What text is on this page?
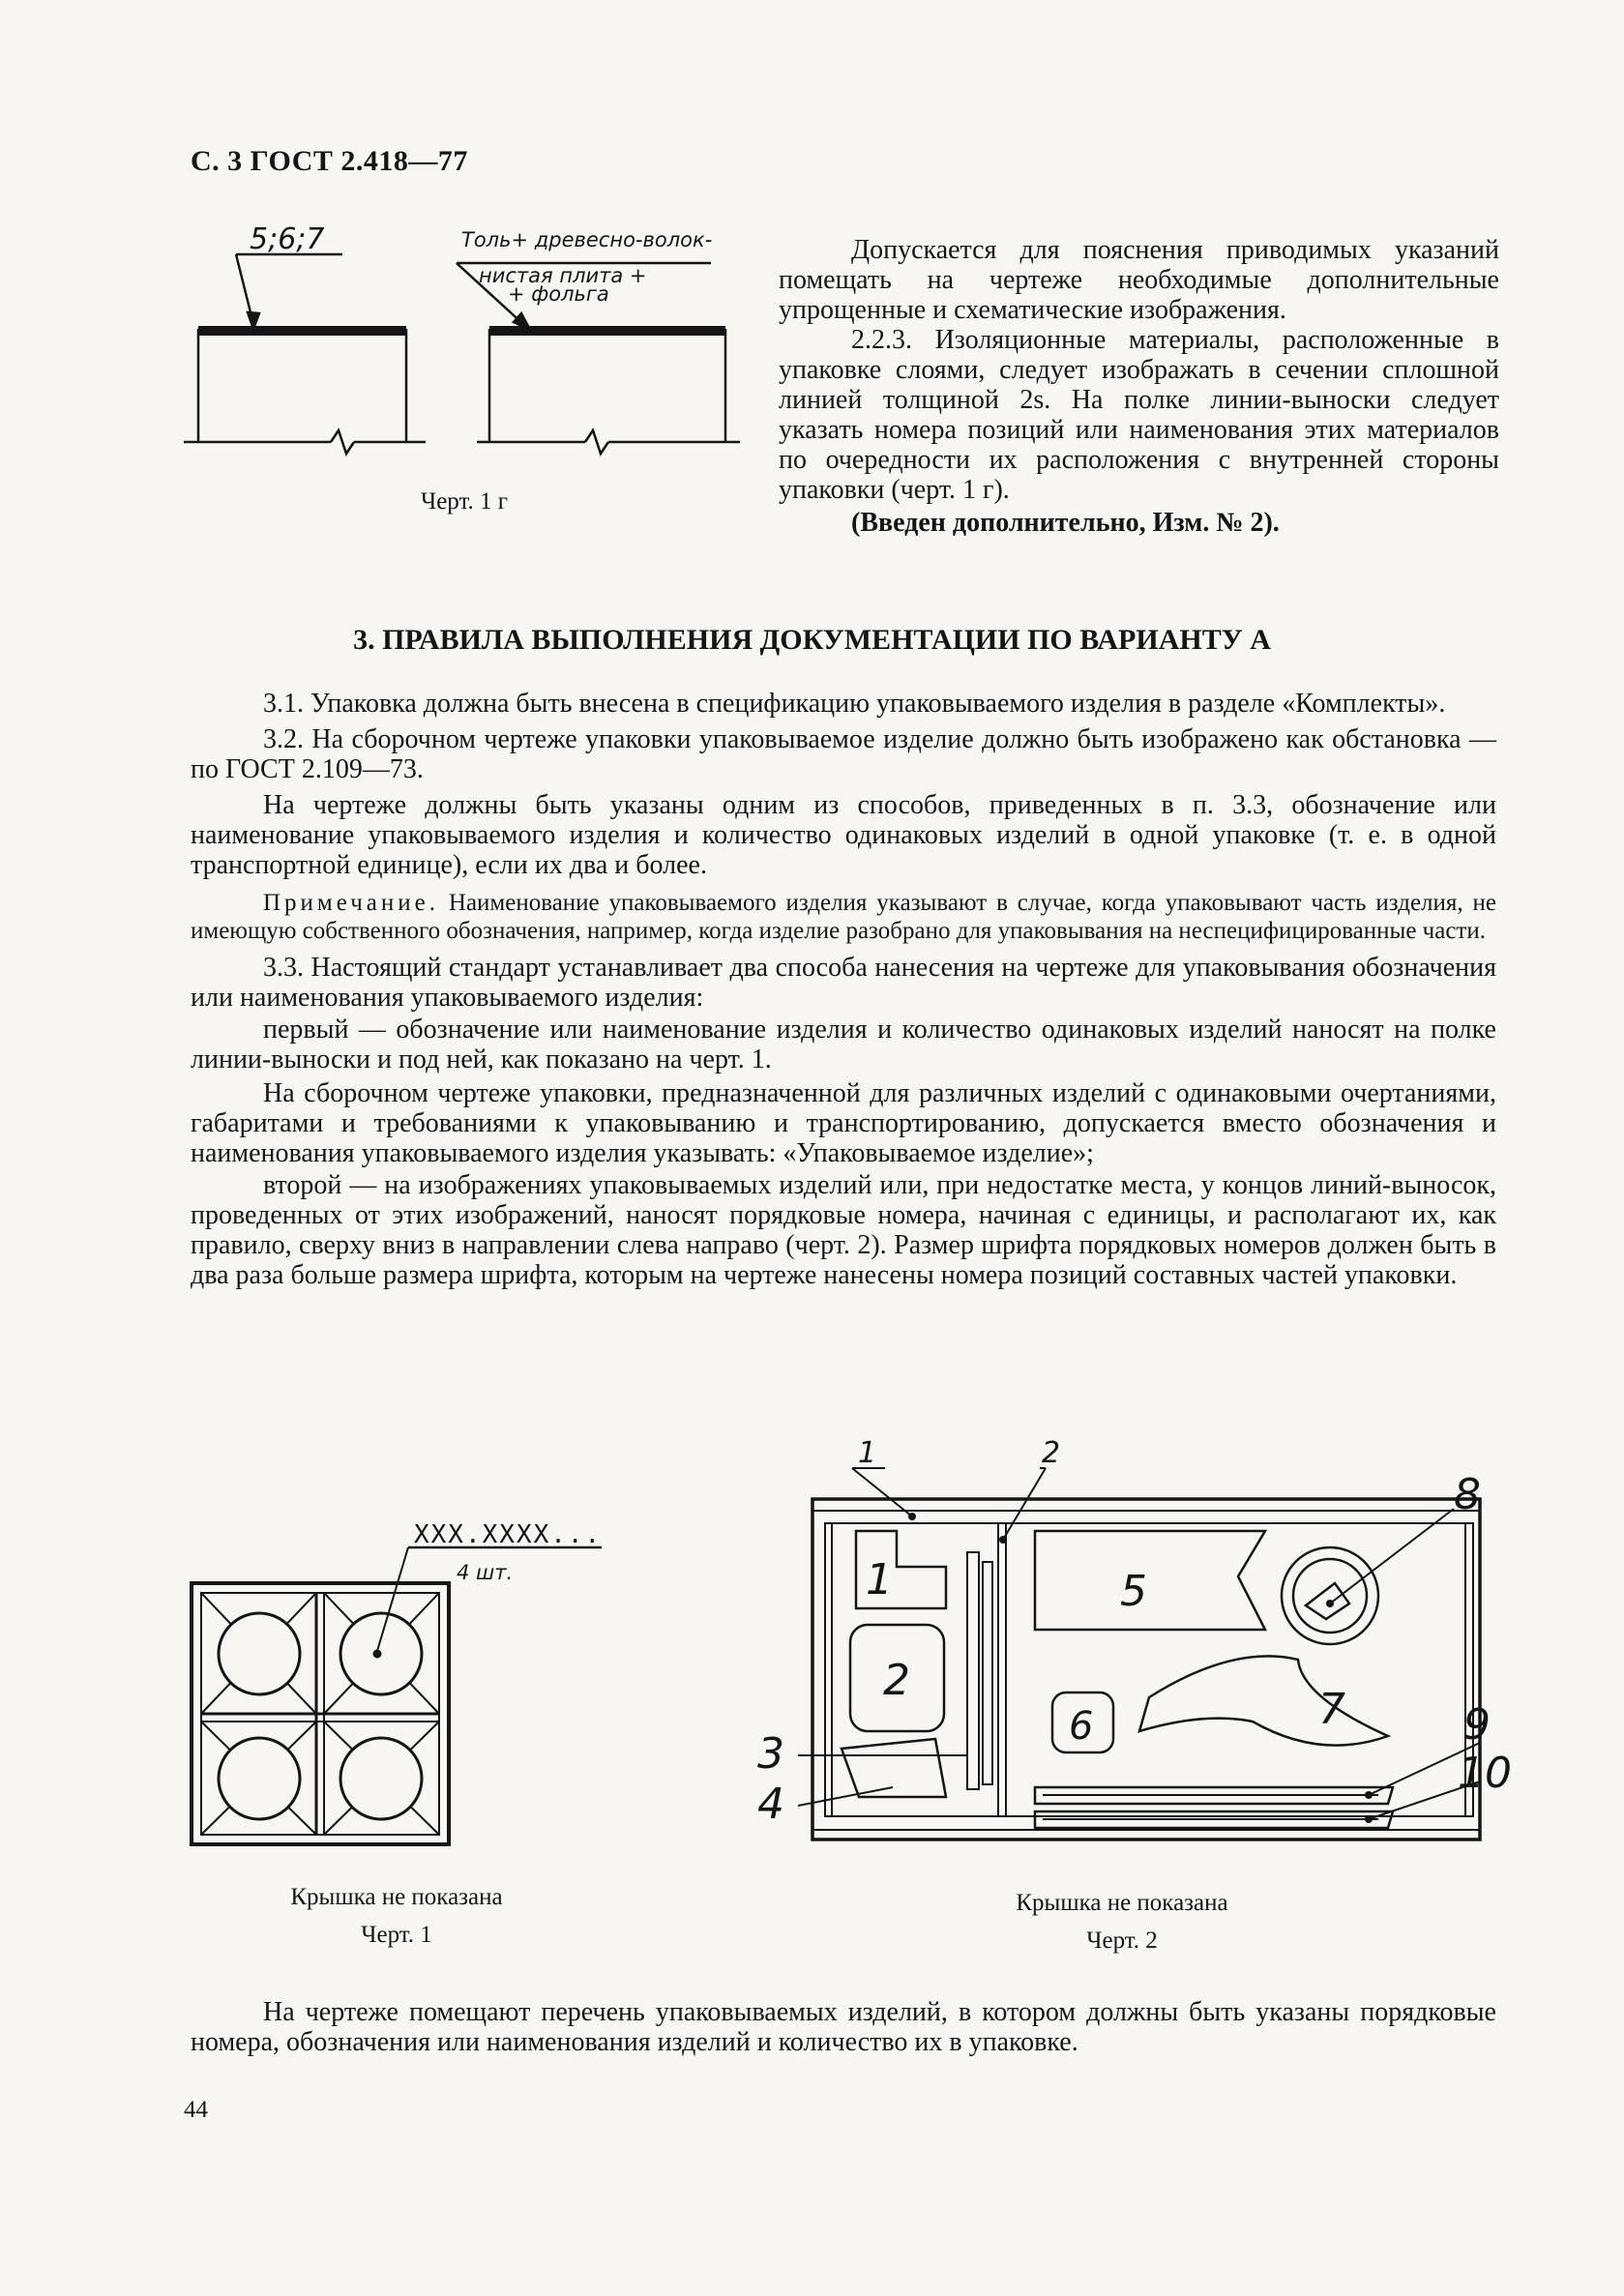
С. 3 ГОСТ 2.418—77
5;6;7	Толь+ древесно-волок-
нистая плита +
+ фольга
Черт. 1 г

Допускается для пояснения приводимых указаний помещать на чертеже необходимые дополнительные упрощенные и схематические изображения.

2.2.3. Изоляционные материалы, расположенные в упаковке слоями, следует изображать в сечении сплошной линией толщиной 2s. На полке линии-выноски следует указать номера позиций или наименования этих материалов по очередности их расположения с внутренней стороны упаковки (черт. 1 г).

(Введен дополнительно, Изм. № 2).

3. ПРАВИЛА ВЫПОЛНЕНИЯ ДОКУМЕНТАЦИИ ПО ВАРИАНТУ А

3.1. Упаковка должна быть внесена в спецификацию упаковываемого изделия в разделе «Комплекты».

3.2. На сборочном чертеже упаковки упаковываемое изделие должно быть изображено как обстановка — по ГОСТ 2.109—73.

На чертеже должны быть указаны одним из способов, приведенных в п. 3.3, обозначение или наименование упаковываемого изделия и количество одинаковых изделий в одной упаковке (т. е. в одной транспортной единице), если их два и более.

Примечание. Наименование упаковываемого изделия указывают в случае, когда упаковывают часть изделия, не имеющую собственного обозначения, например, когда изделие разобрано для упаковывания на неспецифицированные части.

3.3. Настоящий стандарт устанавливает два способа нанесения на чертеже для упаковывания обозначения или наименования упаковываемого изделия:

первый — обозначение или наименование изделия и количество одинаковых изделий наносят на полке линии-выноски и под ней, как показано на черт. 1.

На сборочном чертеже упаковки, предназначенной для различных изделий с одинаковыми очертаниями, габаритами и требованиями к упаковыванию и транспортированию, допускается вместо обозначения и наименования упаковываемого изделия указывать: «Упаковываемое изделие»;

второй — на изображениях упаковываемых изделий или, при недостатке места, у концов линий-выносок, проведенных от этих изображений, наносят порядковые номера, начиная с единицы, и располагают их, как правило, сверху вниз в направлении слева направо (черт. 2). Размер шрифта порядковых номеров должен быть в два раза больше размера шрифта, которым на чертеже нанесены номера позиций составных частей упаковки.

XXX.XXXX...
4 шт.
Крышка не показана
Черт. 1
1	2
1
2
3
4
5
6	7
8
9
10
Крышка не показана
Черт. 2

На чертеже помещают перечень упаковываемых изделий, в котором должны быть указаны порядковые номера, обозначения или наименования изделий и количество их в упаковке.

44
